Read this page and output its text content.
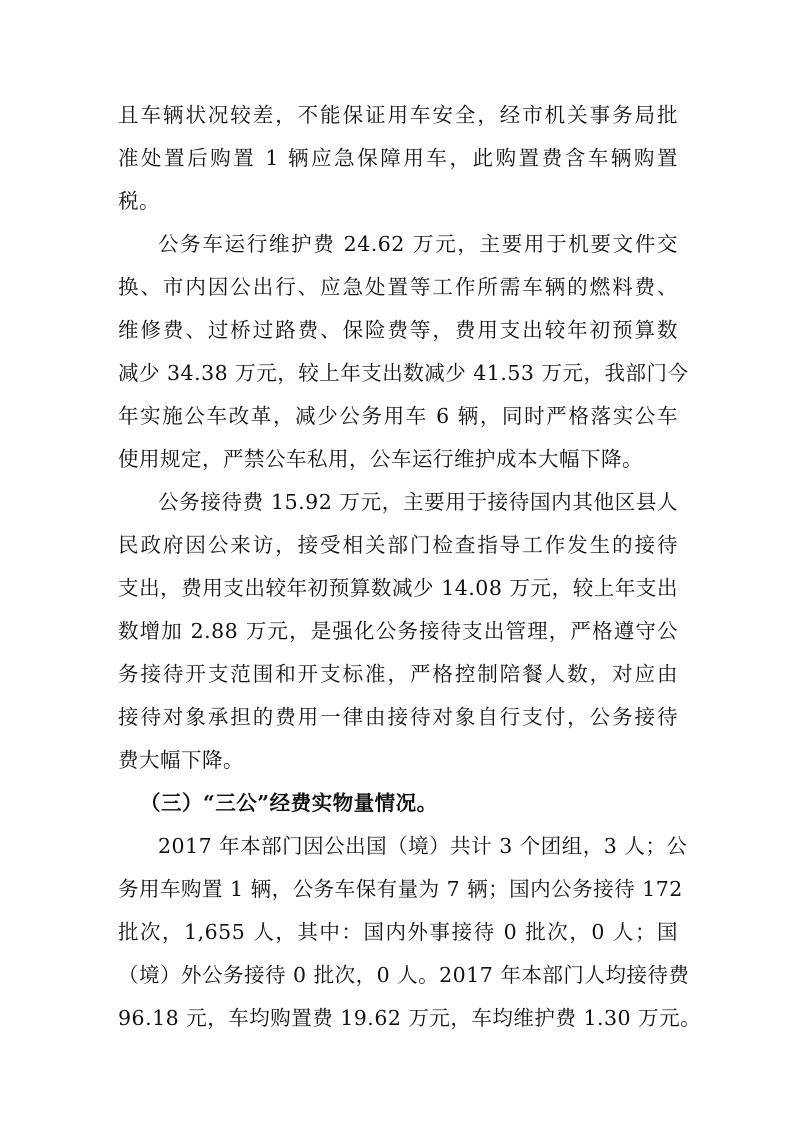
且车辆状况较差，不能保证用车安全，经市机关事务局批
准处置后购置 1 辆应急保障用车，此购置费含车辆购置
税。
公务车运行维护费 24.62 万元，主要用于机要文件交
换、市内因公出行、应急处置等工作所需车辆的燃料费、
维修费、过桥过路费、保险费等，费用支出较年初预算数
减少 34.38 万元，较上年支出数减少 41.53 万元，我部门今
年实施公车改革，减少公务用车 6 辆，同时严格落实公车
使用规定，严禁公车私用，公车运行维护成本大幅下降。
公务接待费 15.92 万元，主要用于接待国内其他区县人
民政府因公来访，接受相关部门检查指导工作发生的接待
支出，费用支出较年初预算数减少 14.08 万元，较上年支出
数增加 2.88 万元，是强化公务接待支出管理，严格遵守公
务接待开支范围和开支标准，严格控制陪餐人数，对应由
接待对象承担的费用一律由接待对象自行支付，公务接待
费大幅下降。
（三）“三公”经费实物量情况。
2017 年本部门因公出国（境）共计 3 个团组，3 人；公
务用车购置 1 辆，公务车保有量为 7 辆；国内公务接待 172
批次，1,655 人，其中：国内外事接待 0 批次，0 人；国
（境）外公务接待 0 批次，0 人。2017 年本部门人均接待费
96.18 元，车均购置费 19.62 万元，车均维护费 1.30 万元。
